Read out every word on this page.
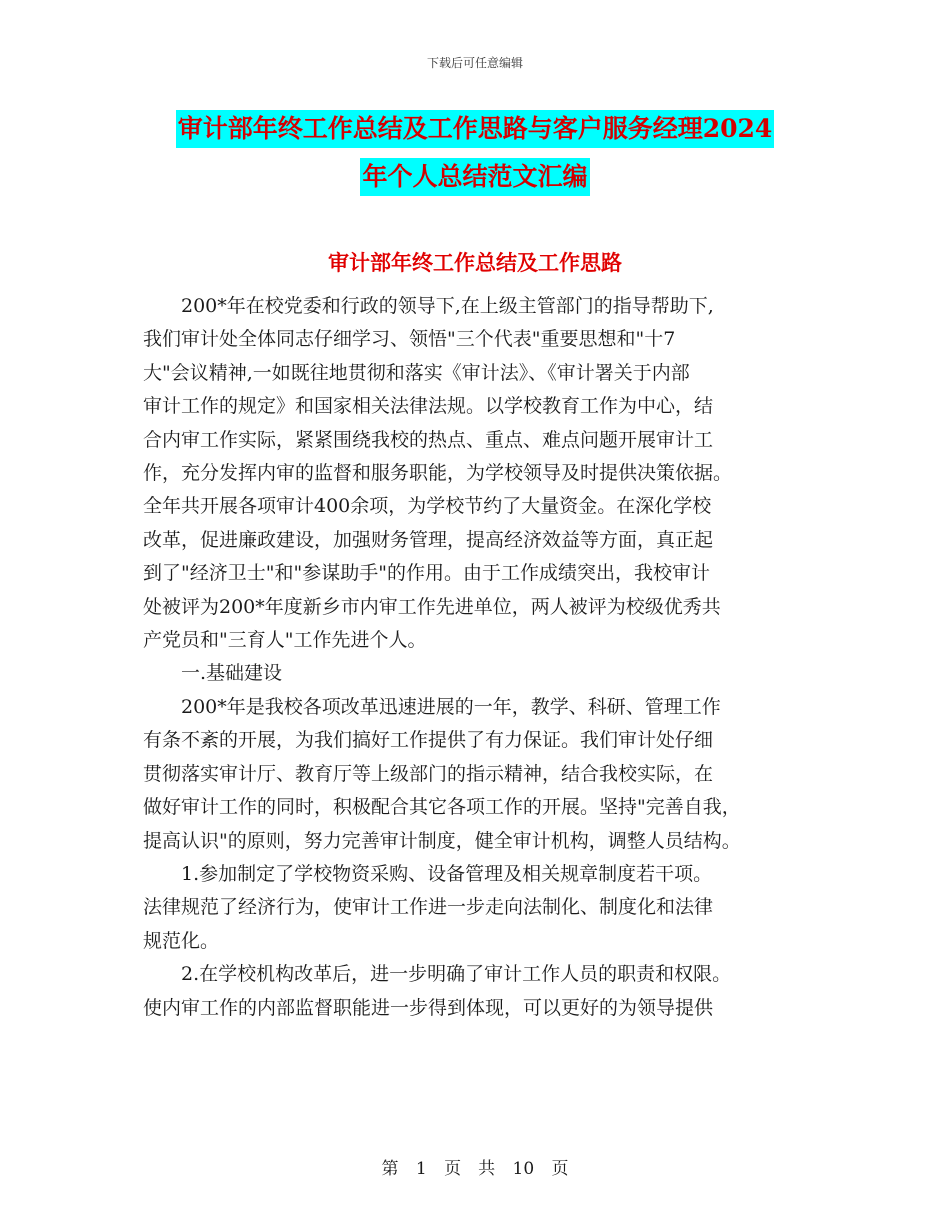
下载后可任意编辑
审计部年终工作总结及工作思路与客户服务经理2024
年个人总结范文汇编
审计部年终工作总结及工作思路

　　200*年在校党委和行政的领导下,在上级主管部门的指导帮助下,
我们审计处全体同志仔细学习、领悟"三个代表"重要思想和"十7
大"会议精神,一如既往地贯彻和落实《审计法》、《审计署关于内部
审计工作的规定》和国家相关法律法规。以学校教育工作为中心，结
合内审工作实际，紧紧围绕我校的热点、重点、难点问题开展审计工
作，充分发挥内审的监督和服务职能，为学校领导及时提供决策依据。
全年共开展各项审计400余项，为学校节约了大量资金。在深化学校
改革，促进廉政建设，加强财务管理，提高经济效益等方面，真正起
到了"经济卫士"和"参谋助手"的作用。由于工作成绩突出，我校审计
处被评为200*年度新乡市内审工作先进单位，两人被评为校级优秀共
产党员和"三育人"工作先进个人。

　　一.基础建设

　　200*年是我校各项改革迅速进展的一年，教学、科研、管理工作
有条不紊的开展，为我们搞好工作提供了有力保证。我们审计处仔细
贯彻落实审计厅、教育厅等上级部门的指示精神，结合我校实际，在
做好审计工作的同时，积极配合其它各项工作的开展。坚持"完善自我，
提高认识"的原则，努力完善审计制度，健全审计机构，调整人员结构。

　　1.参加制定了学校物资采购、设备管理及相关规章制度若干项。
法律规范了经济行为，使审计工作进一步走向法制化、制度化和法律
规范化。

　　2.在学校机构改革后，进一步明确了审计工作人员的职责和权限。
使内审工作的内部监督职能进一步得到体现，可以更好的为领导提供

第 1 页　共 10 页
